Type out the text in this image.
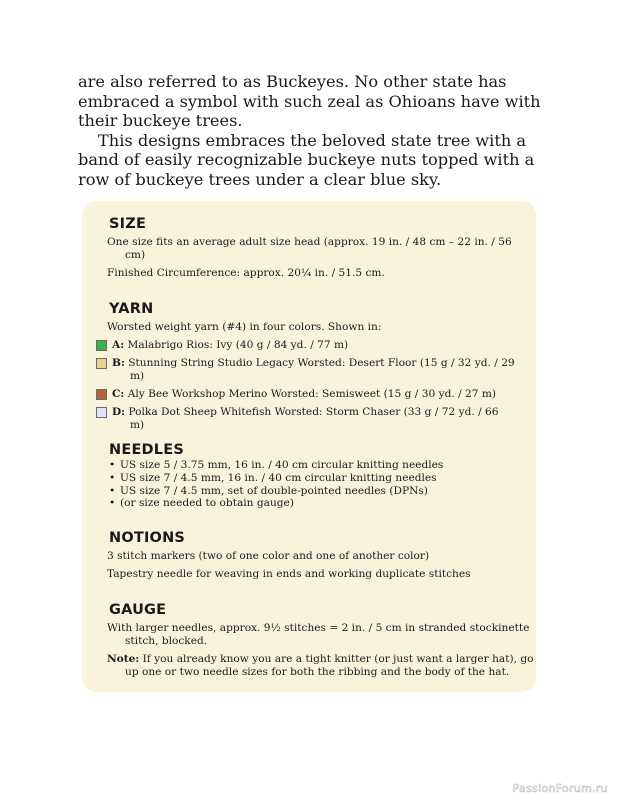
are also referred to as Buckeyes. No other state has embraced a symbol with such zeal as Ohioans have with their buckeye trees.

This designs embraces the beloved state tree with a band of easily recognizable buckeye nuts topped with a row of buckeye trees under a clear blue sky.

SIZE
One size fits an average adult size head (approx. 19 in. / 48 cm – 22 in. / 56 cm)
Finished Circumference: approx. 20¼ in. / 51.5 cm.
YARN
Worsted weight yarn (#4) in four colors. Shown in:
A: Malabrigo Rios: Ivy (40 g / 84 yd. / 77 m)
B: Stunning String Studio Legacy Worsted: Desert Floor (15 g / 32 yd. / 29 m)
C: Aly Bee Workshop Merino Worsted: Semisweet (15 g / 30 yd. / 27 m)
D: Polka Dot Sheep Whitefish Worsted: Storm Chaser (33 g / 72 yd. / 66 m)
NEEDLES
• US size 5 / 3.75 mm, 16 in. / 40 cm circular knitting needles
• US size 7 / 4.5 mm, 16 in. / 40 cm circular knitting needles
• US size 7 / 4.5 mm, set of double-pointed needles (DPNs)
• (or size needed to obtain gauge)
NOTIONS
3 stitch markers (two of one color and one of another color)
Tapestry needle for weaving in ends and working duplicate stitches
GAUGE
With larger needles, approx. 9½ stitches = 2 in. / 5 cm in stranded stockinette stitch, blocked.
Note: If you already know you are a tight knitter (or just want a larger hat), go up one or two needle sizes for both the ribbing and the body of the hat.
PassionForum.ru
